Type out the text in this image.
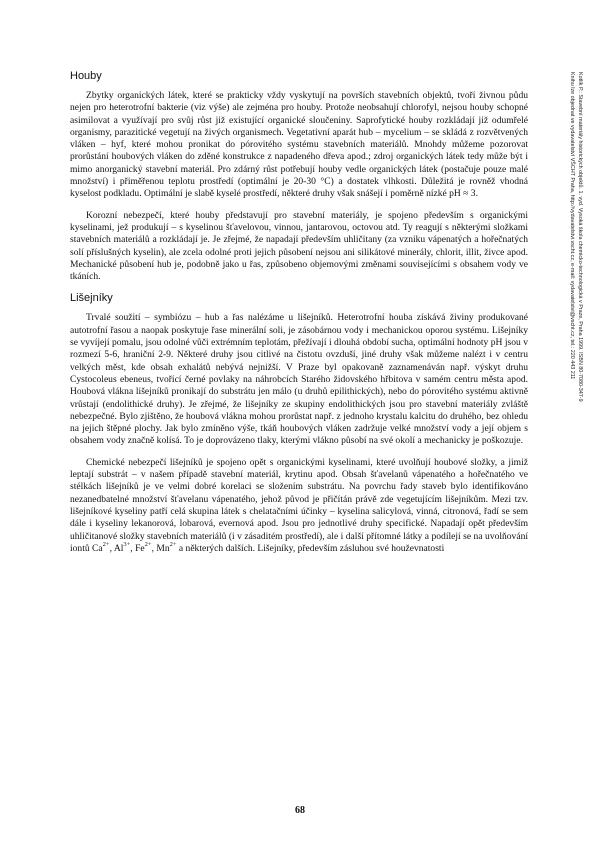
Houby

Zbytky organických látek, které se prakticky vždy vyskytují na površích stavebních objektů, tvoří živnou půdu nejen pro heterotrofní bakterie (viz výše) ale zejména pro houby. Protože neobsahují chlorofyl, nejsou houby schopné asimilovat a využívají pro svůj růst již existující organické sloučeniny. Saprofytické houby rozkládají již odumřelé organismy, parazitické vegetují na živých organismech. Vegetativní aparát hub – mycelium – se skládá z rozvětvených vláken – hyf, které mohou pronikat do pórovitého systému stavebních materiálů. Mnohdy můžeme pozorovat prorůstání houbových vláken do zděné konstrukce z napadeného dřeva apod.; zdroj organických látek tedy může být i mimo anorganický stavební materiál. Pro zdárný růst potřebují houby vedle organických látek (postačuje pouze malé množství) i přiměřenou teplotu prostředí (optimální je 20-30 °C) a dostatek vlhkosti. Důležitá je rovněž vhodná kyselost podkladu. Optimální je slabě kyselé prostředí, některé druhy však snášejí i poměrně nízké pH ≈ 3.

Korozní nebezpečí, které houby představují pro stavební materiály, je spojeno především s organickými kyselinami, jež produkují – s kyselinou šťavelovou, vinnou, jantarovou, octovou atd. Ty reagují s některými složkami stavebních materiálů a rozkládají je. Je zřejmé, že napadají především uhličitany (za vzniku vápenatých a hořečnatých solí příslušných kyselin), ale zcela odolné proti jejich působení nejsou ani silikátové minerály, chlorit, illit, živce apod. Mechanické působení hub je, podobně jako u řas, způsobeno objemovými změnami souvisejícími s obsahem vody ve tkáních.

Lišejníky

Trvalé soužití – symbiózu – hub a řas nalézáme u lišejníků. Heterotrofní houba získává živiny produkované autotrofní řasou a naopak poskytuje řase minerální soli, je zásobárnou vody i mechanickou oporou systému. Lišejníky se vyvíjejí pomalu, jsou odolné vůči extrémním teplotám, přežívají i dlouhá období sucha, optimální hodnoty pH jsou v rozmezí 5-6, hraniční 2-9. Některé druhy jsou citlivé na čistotu ovzduší, jiné druhy však můžeme nalézt i v centru velkých měst, kde obsah exhalátů nebývá nejnižší. V Praze byl opakovaně zaznamenáván např. výskyt druhu Cystocoleus ebeneus, tvořící černé povlaky na náhrobcích Starého židovského hřbitova v samém centru města apod. Houbová vlákna lišejníků pronikají do substrátu jen málo (u druhů epilithických), nebo do pórovitého systému aktivně vrůstají (endolithické druhy). Je zřejmé, že lišejníky ze skupiny endolithických jsou pro stavební materiály zvláště nebezpečné. Bylo zjištěno, že houbová vlákna mohou prorůstat např. z jednoho krystalu kalcitu do druhého, bez ohledu na jejich štěpné plochy. Jak bylo zmíněno výše, tkáň houbových vláken zadržuje velké množství vody a její objem s obsahem vody značně kolísá. To je doprovázeno tlaky, kterými vlákno působí na své okolí a mechanicky je poškozuje.

Chemické nebezpečí lišejníků je spojeno opět s organickými kyselinami, které uvolňují houbové složky, a jimiž leptají substrát – v našem případě stavební materiál, krytinu apod. Obsah šťavelanů vápenatého a hořečnatého ve stélkách lišejníků je ve velmi dobré korelaci se složením substrátu. Na povrchu řady staveb bylo identifikováno nezanedbatelné množství šťavelanu vápenatého, jehož původ je přičítán právě zde vegetujícím lišejníkům. Mezi tzv. lišejníkové kyseliny patří celá skupina látek s chelatačními účinky – kyselina salicylová, vinná, citronová, řadí se sem dále i kyseliny lekanorová, lobarová, evernová apod. Jsou pro jednotlivé druhy specifické. Napadají opět především uhličitanové složky stavebních materiálů (i v zásaditém prostředí), ale i další přítomné látky a podílejí se na uvolňování iontů $Ca^{2+}$, $Al^{3+}$, $Fe^{2+}$, $Mn^{2+}$ a některých dalších. Lišejníky, především zásluhou své houževnatosti

Kotlík P.: Stavební materiály historických objektů. 1. vyd. Vysoká škola chemicko-technologická v Praze, Praha 1999. ISBN 80-7080-347-9
Knihu lze objednat ve vydavatelství VŠCHT Praha, http://vydavatelstvi.vscht.cz, e-mail: vydavatelstvi@vscht.cz, tel.: 220 443 211
68
